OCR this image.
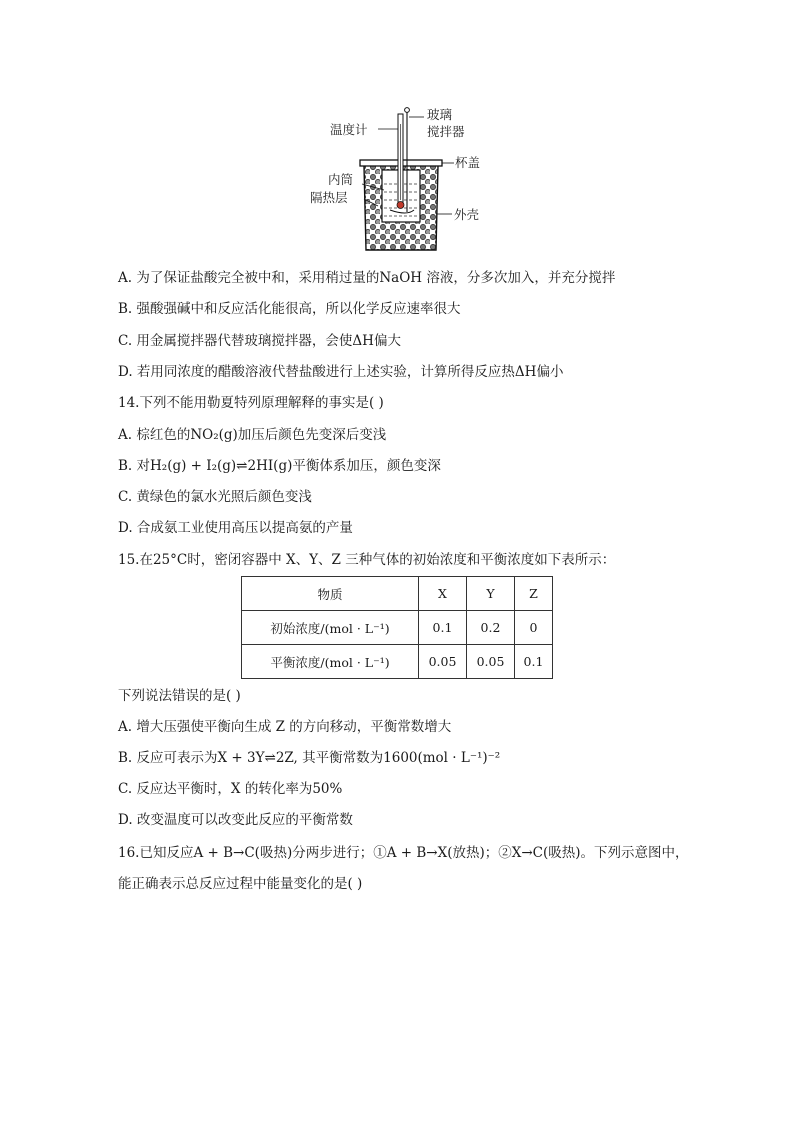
温度计
玻璃
搅拌器
杯盖
内筒
隔热层
外壳
A. 为了保证盐酸完全被中和，采用稍过量的NaOH 溶液，分多次加入，并充分搅拌
B. 强酸强碱中和反应活化能很高，所以化学反应速率很大
C. 用金属搅拌器代替玻璃搅拌器，会使ΔH偏大
D. 若用同浓度的醋酸溶液代替盐酸进行上述实验，计算所得反应热ΔH偏小
14.下列不能用勒夏特列原理解释的事实是( )
A. 棕红色的NO₂(g)加压后颜色先变深后变浅
B. 对H₂(g) + I₂(g)⇌2HI(g)平衡体系加压，颜色变深
C. 黄绿色的氯水光照后颜色变浅
D. 合成氨工业使用高压以提高氨的产量
15.在25°C时，密闭容器中 X、Y、Z 三种气体的初始浓度和平衡浓度如下表所示：
物质	X	Y	Z
初始浓度/(mol · L⁻¹)	0.1	0.2	0
平衡浓度/(mol · L⁻¹)	0.05	0.05	0.1
下列说法错误的是( )
A. 增大压强使平衡向生成 Z 的方向移动，平衡常数增大
B. 反应可表示为X + 3Y⇌2Z, 其平衡常数为1600(mol · L⁻¹)⁻²
C. 反应达平衡时，X 的转化率为50%
D. 改变温度可以改变此反应的平衡常数
16.已知反应A + B→C(吸热)分两步进行；①A + B→X(放热)；②X→C(吸热)。下列示意图中，
能正确表示总反应过程中能量变化的是( )
